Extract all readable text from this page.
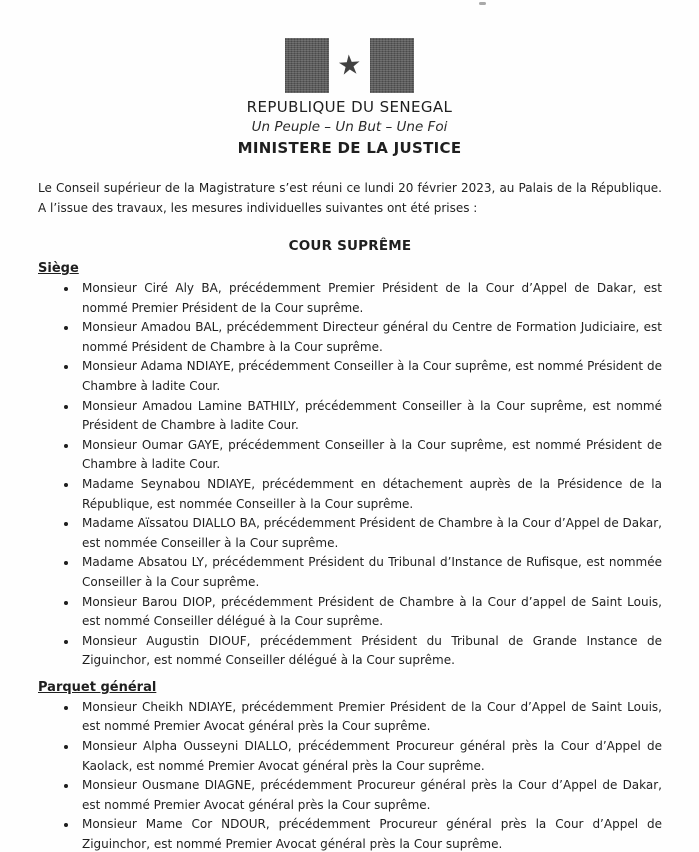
★
REPUBLIQUE DU SENEGAL
Un Peuple – Un But – Une Foi
MINISTERE DE LA JUSTICE

Le Conseil supérieur de la Magistrature s’est réuni ce lundi 20 février 2023, au Palais de la République. A l’issue des travaux, les mesures individuelles suivantes ont été prises :

COUR SUPRÊME
Siège
• Monsieur Ciré Aly BA, précédemment Premier Président de la Cour d’Appel de Dakar, est nommé Premier Président de la Cour suprême.
• Monsieur Amadou BAL, précédemment Directeur général du Centre de Formation Judiciaire, est nommé Président de Chambre à la Cour suprême.
• Monsieur Adama NDIAYE, précédemment Conseiller à la Cour suprême, est nommé Président de Chambre à ladite Cour.
• Monsieur Amadou Lamine BATHILY, précédemment Conseiller à la Cour suprême, est nommé Président de Chambre à ladite Cour.
• Monsieur Oumar GAYE, précédemment Conseiller à la Cour suprême, est nommé Président de Chambre à ladite Cour.
• Madame Seynabou NDIAYE, précédemment en détachement auprès de la Présidence de la République, est nommée Conseiller à la Cour suprême.
• Madame Aïssatou DIALLO BA, précédemment Président de Chambre à la Cour d’Appel de Dakar, est nommée Conseiller à la Cour suprême.
• Madame Absatou LY, précédemment Président du Tribunal d’Instance de Rufisque, est nommée Conseiller à la Cour suprême.
• Monsieur Barou DIOP, précédemment Président de Chambre à la Cour d’appel de Saint Louis, est nommé Conseiller délégué à la Cour suprême.
• Monsieur Augustin DIOUF, précédemment Président du Tribunal de Grande Instance de Ziguinchor, est nommé Conseiller délégué à la Cour suprême.
Parquet général
• Monsieur Cheikh NDIAYE, précédemment Premier Président de la Cour d’Appel de Saint Louis, est nommé Premier Avocat général près la Cour suprême.
• Monsieur Alpha Ousseyni DIALLO, précédemment Procureur général près la Cour d’Appel de Kaolack, est nommé Premier Avocat général près la Cour suprême.
• Monsieur Ousmane DIAGNE, précédemment Procureur général près la Cour d’Appel de Dakar, est nommé Premier Avocat général près la Cour suprême.
• Monsieur Mame Cor NDOUR, précédemment Procureur général près la Cour d’Appel de Ziguinchor, est nommé Premier Avocat général près la Cour suprême.
